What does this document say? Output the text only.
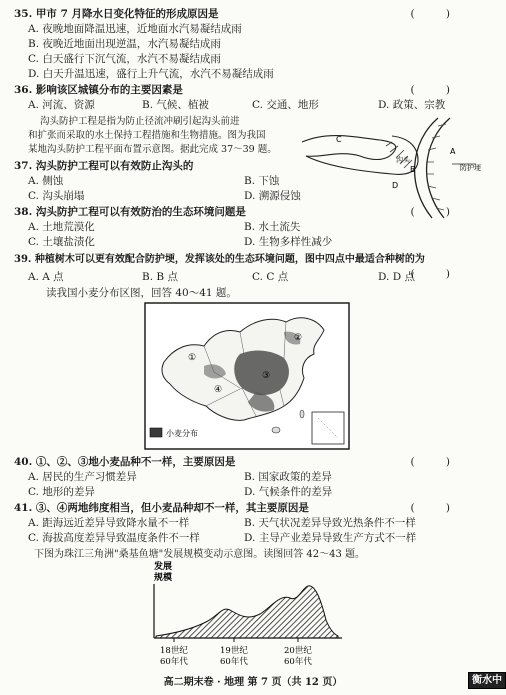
35. 甲市 7 月降水日变化特征的形成原因是	( )
A. 夜晚地面降温迅速，近地面水汽易凝结成雨
B. 夜晚近地面出现逆温，水汽易凝结成雨
C. 白天盛行下沉气流，水汽不易凝结成雨
D. 白天升温迅速，盛行上升气流，水汽不易凝结成雨
36. 影响该区城镇分布的主要因素是	( )
A. 河流、资源	B. 气候、植被	C. 交通、地形	D. 政策、宗教
沟头防护工程是指为防止径流冲刷引起沟头前进
和扩张而采取的水土保持工程措施和生物措施。图为我国
某地沟头防护工程平面布置示意图。据此完成 37～39 题。	A
B
C
D
沟头
防护埂
37. 沟头防护工程可以有效防止沟头的
A. 侧蚀	B. 下蚀
C. 沟头崩塌	D. 溯源侵蚀
38. 沟头防护工程可以有效防治的生态环境问题是	( )
A. 土地荒漠化	B. 水土流失
C. 土壤盐渍化	D. 生物多样性减少
39. 种植树木可以更有效配合防护埂，发挥该处的生态环境问题，图中四点中最适合种树的为
( )
A. A 点	B. B 点	C. C 点	D. D 点
读我国小麦分布区图，回答 40～41 题。
①
②
③
④
小麦分布
40. ①、②、③地小麦品种不一样，主要原因是	( )
A. 居民的生产习惯差异	B. 国家政策的差异
C. 地形的差异	D. 气候条件的差异
41. ③、④两地纬度相当，但小麦品种却不一样，其主要原因是	( )
A. 距海远近差异导致降水量不一样	B. 天气状况差异导致光热条件不一样
C. 海拔高度差异导致温度条件不一样	D. 主导产业差异导致生产方式不一样
下图为珠江三角洲"桑基鱼塘"发展规模变动示意图。读图回答 42～43 题。
发展
规模
18世纪
60年代
19世纪
60年代
20世纪
60年代
高二期末卷 · 地理 第 7 页（共 12 页）	衡水中
